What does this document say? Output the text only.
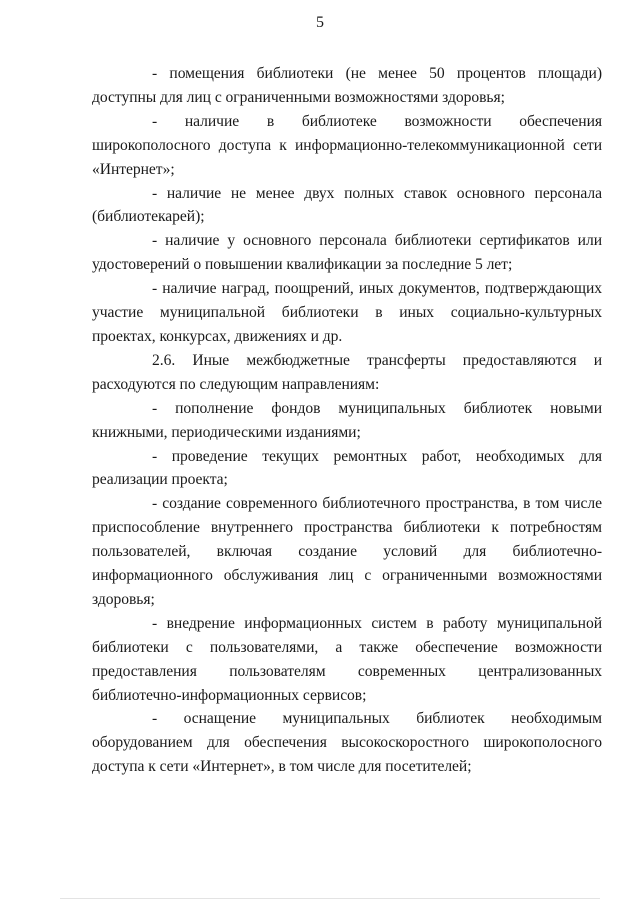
5

- помещения библиотеки (не менее 50 процентов площади) доступны для лиц с ограниченными возможностями здоровья;

- наличие в библиотеке возможности обеспечения широкополосного доступа к информационно-телекоммуникационной сети «Интернет»;

- наличие не менее двух полных ставок основного персонала (библиотекарей);

- наличие у основного персонала библиотеки сертификатов или удостоверений о повышении квалификации за последние 5 лет;

- наличие наград, поощрений, иных документов, подтверждающих участие муниципальной библиотеки в иных социально-культурных проектах, конкурсах, движениях и др.

2.6. Иные межбюджетные трансферты предоставляются и расходуются по следующим направлениям:

- пополнение фондов муниципальных библиотек новыми книжными, периодическими изданиями;

- проведение текущих ремонтных работ, необходимых для реализации проекта;

- создание современного библиотечного пространства, в том числе приспособление внутреннего пространства библиотеки к потребностям пользователей, включая создание условий для библиотечно-информационного обслуживания лиц с ограниченными возможностями здоровья;

- внедрение информационных систем в работу муниципальной библиотеки с пользователями, а также обеспечение возможности предоставления пользователям современных централизованных библиотечно-информационных сервисов;

- оснащение муниципальных библиотек необходимым оборудованием для обеспечения высокоскоростного широкополосного доступа к сети «Интернет», в том числе для посетителей;
